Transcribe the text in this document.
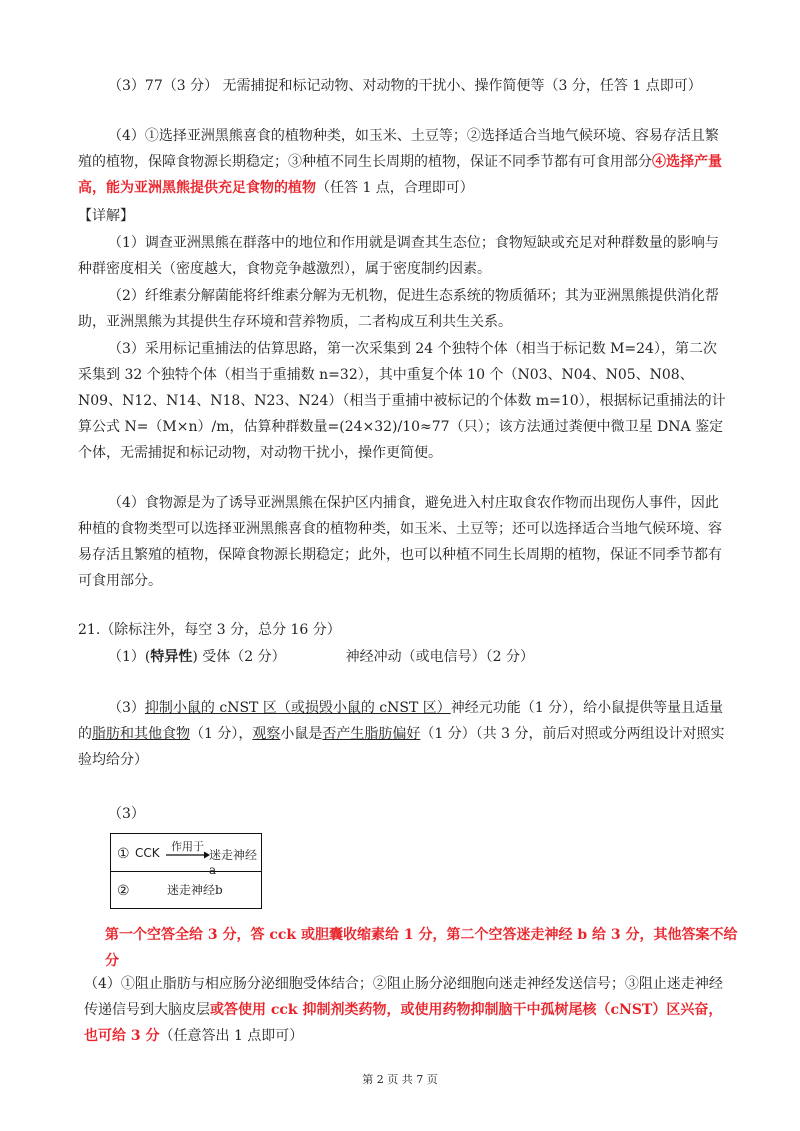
（3）77（3 分） 无需捕捉和标记动物、对动物的干扰小、操作简便等（3 分，任答 1 点即可）

（4）①选择亚洲黑熊喜食的植物种类，如玉米、土豆等；②选择适合当地气候环境、容易存活且繁殖的植物，保障食物源长期稳定；③种植不同生长周期的植物，保证不同季节都有可食用部分④选择产量高，能为亚洲黑熊提供充足食物的植物（任答 1 点，合理即可）

【详解】

（1）调查亚洲黑熊在群落中的地位和作用就是调查其生态位；食物短缺或充足对种群数量的影响与种群密度相关（密度越大，食物竞争越激烈），属于密度制约因素。

（2）纤维素分解菌能将纤维素分解为无机物，促进生态系统的物质循环；其为亚洲黑熊提供消化帮助，亚洲黑熊为其提供生存环境和营养物质，二者构成互利共生关系。

（3）采用标记重捕法的估算思路，第一次采集到 24 个独特个体（相当于标记数 M=24），第二次采集到 32 个独特个体（相当于重捕数 n=32），其中重复个体 10 个（N03、N04、N05、N08、N09、N12、N14、N18、N23、N24）（相当于重捕中被标记的个体数 m=10），根据标记重捕法的计算公式 N=（M×n）/m，估算种群数量=(24×32)/10≈77（只）；该方法通过粪便中微卫星 DNA 鉴定个体，无需捕捉和标记动物，对动物干扰小，操作更简便。

（4）食物源是为了诱导亚洲黑熊在保护区内捕食，避免进入村庄取食农作物而出现伤人事件，因此种植的食物类型可以选择亚洲黑熊喜食的植物种类，如玉米、土豆等；还可以选择适合当地气候环境、容易存活且繁殖的植物，保障食物源长期稳定；此外，也可以种植不同生长周期的植物，保证不同季节都有可食用部分。

21.（除标注外，每空 3 分，总分 16 分）

（1）(特异性) 受体（2 分）	神经冲动（或电信号）（2 分）

（3）抑制小鼠的 cNST 区（或损毁小鼠的 cNST 区）神经元功能（1 分），给小鼠提供等量且适量的脂肪和其他食物（1 分），观察小鼠是否产生脂肪偏好（1 分）（共 3 分，前后对照或分两组设计对照实验均给分）

（3）

① CCK 作用于
迷走神经a
②	迷走神经b

第一个空答全给 3 分，答 cck 或胆囊收缩素给 1 分，第二个空答迷走神经 b 给 3 分，其他答案不给分

（4）①阻止脂肪与相应肠分泌细胞受体结合；②阻止肠分泌细胞向迷走神经发送信号；③阻止迷走神经传递信号到大脑皮层或答使用 cck 抑制剂类药物，或使用药物抑制脑干中孤树尾核（cNST）区兴奋，也可给 3 分（任意答出 1 点即可）

第 2 页 共 7 页
